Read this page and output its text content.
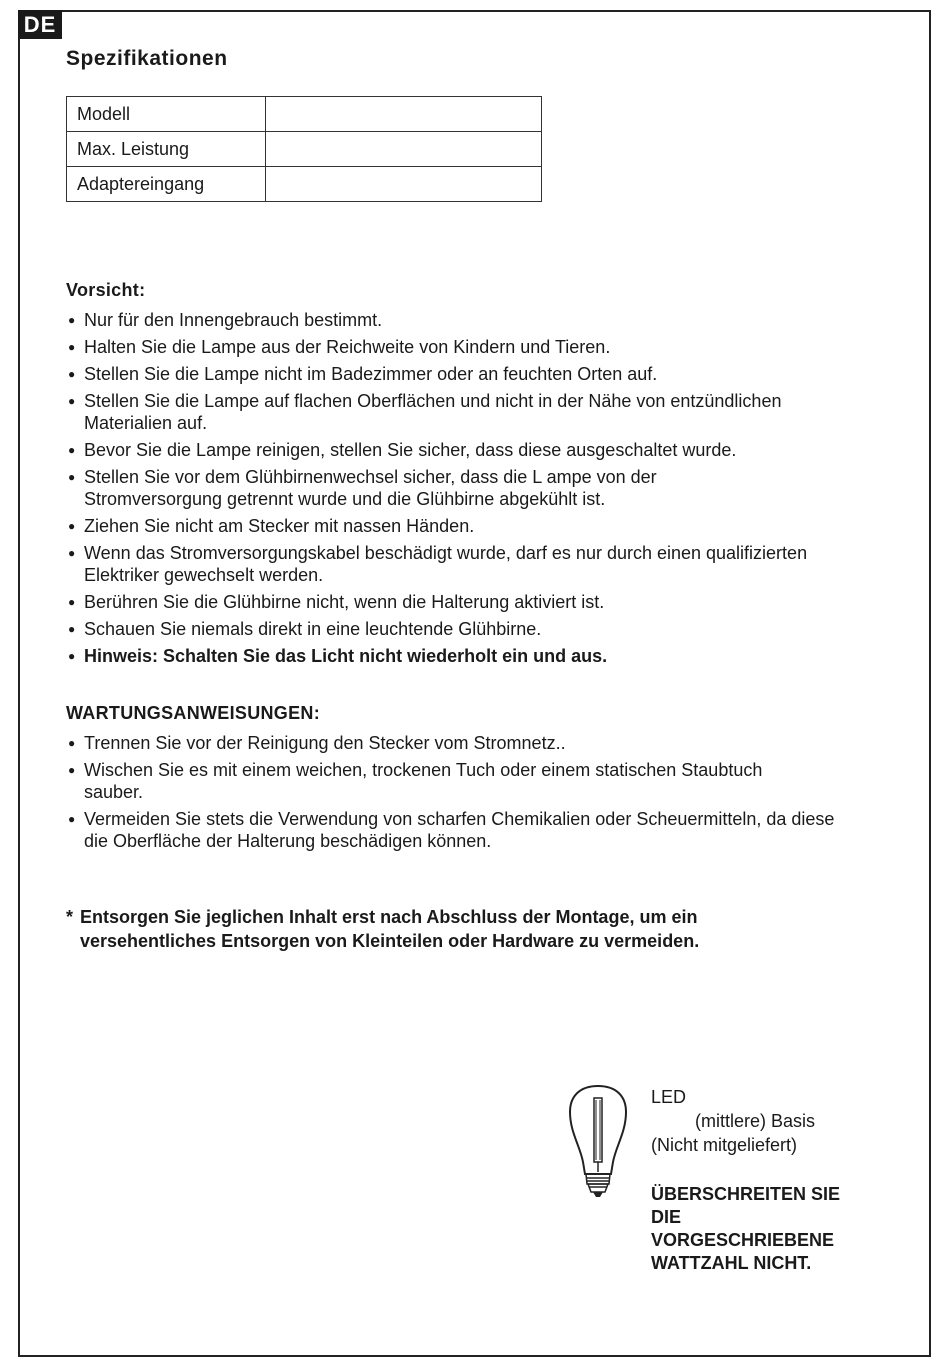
DE
Spezifikationen
Modell	
Max. Leistung	
Adaptereingang	
Vorsicht:
● Nur für den Innengebrauch bestimmt.
● Halten Sie die Lampe aus der Reichweite von Kindern und Tieren.
● Stellen Sie die Lampe nicht im Badezimmer oder an feuchten Orten auf.
● Stellen Sie die Lampe auf flachen Oberflächen und nicht in der Nähe von entzündlichen Materialien auf.
● Bevor Sie die Lampe reinigen, stellen Sie sicher, dass diese ausgeschaltet wurde.
● Stellen Sie vor dem Glühbirnenwechsel sicher, dass die L ampe von der Stromversorgung getrennt wurde und die Glühbirne abgekühlt ist.
● Ziehen Sie nicht am Stecker mit nassen Händen.
● Wenn das Stromversorgungskabel beschädigt wurde, darf es nur durch einen qualifizierten Elektriker gewechselt werden.
● Berühren Sie die Glühbirne nicht, wenn die Halterung aktiviert ist.
● Schauen Sie niemals direkt in eine leuchtende Glühbirne.
● Hinweis: Schalten Sie das Licht nicht wiederholt ein und aus.
WARTUNGSANWEISUNGEN:
● Trennen Sie vor der Reinigung den Stecker vom Stromnetz..
● Wischen Sie es mit einem weichen, trockenen Tuch oder einem statischen Staubtuch sauber.
● Vermeiden Sie stets die Verwendung von scharfen Chemikalien oder Scheuermitteln, da diese die Oberfläche der Halterung beschädigen können.
* Entsorgen Sie jeglichen Inhalt erst nach Abschluss der Montage, um ein
versehentliches Entsorgen von Kleinteilen oder Hardware zu vermeiden.
LED
(mittlere) Basis
(Nicht mitgeliefert)
ÜBERSCHREITEN SIE
DIE
VORGESCHRIEBENE
WATTZAHL NICHT.
